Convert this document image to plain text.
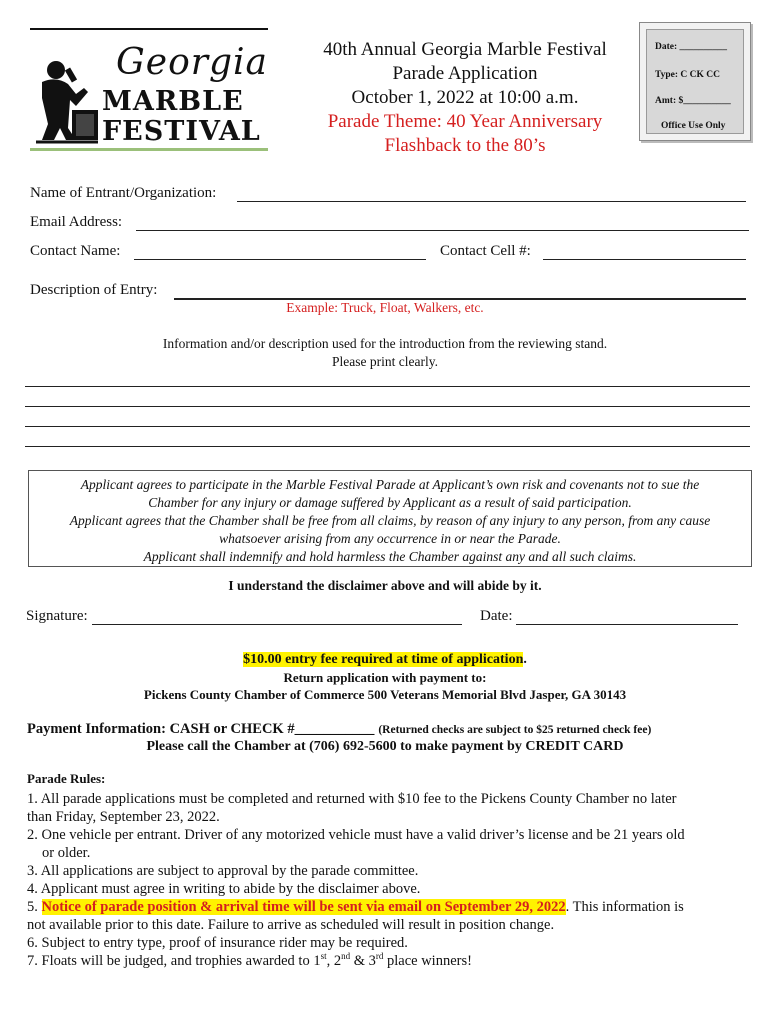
Georgia
MARBLE
FESTIVAL
40th Annual Georgia Marble Festival
Parade Application
October 1, 2022 at 10:00 a.m.
Parade Theme: 40 Year Anniversary
Flashback to the 80’s
Date: __________
Type: C CK CC
Amt: $__________
Office Use Only
Name of Entrant/Organization:
Email Address:
Contact Name:	Contact Cell #:
Description of Entry:
Example: Truck, Float, Walkers, etc.
Information and/or description used for the introduction from the reviewing stand.
Please print clearly.
Applicant agrees to participate in the Marble Festival Parade at Applicant’s own risk and covenants not to sue the
Chamber for any injury or damage suffered by Applicant as a result of said participation.
Applicant agrees that the Chamber shall be free from all claims, by reason of any injury to any person, from any cause
whatsoever arising from any occurrence in or near the Parade.
Applicant shall indemnify and hold harmless the Chamber against any and all such claims.
I understand the disclaimer above and will abide by it.
Signature:	Date:
$10.00 entry fee required at time of application.
Return application with payment to:
Pickens County Chamber of Commerce 500 Veterans Memorial Blvd Jasper, GA 30143
Payment Information: CASH or CHECK #___________ (Returned checks are subject to $25 returned check fee)
Please call the Chamber at (706) 692-5600 to make payment by CREDIT CARD

Parade Rules:

1. All parade applications must be completed and returned with $10 fee to the Pickens County Chamber no later

than Friday, September 23, 2022.

2. One vehicle per entrant. Driver of any motorized vehicle must have a valid driver’s license and be 21 years old

or older.

3. All applications are subject to approval by the parade committee.

4. Applicant must agree in writing to abide by the disclaimer above.

5. Notice of parade position & arrival time will be sent via email on September 29, 2022. This information is

not available prior to this date. Failure to arrive as scheduled will result in position change.

6. Subject to entry type, proof of insurance rider may be required.

7. Floats will be judged, and trophies awarded to 1st, 2nd & 3rd place winners!
